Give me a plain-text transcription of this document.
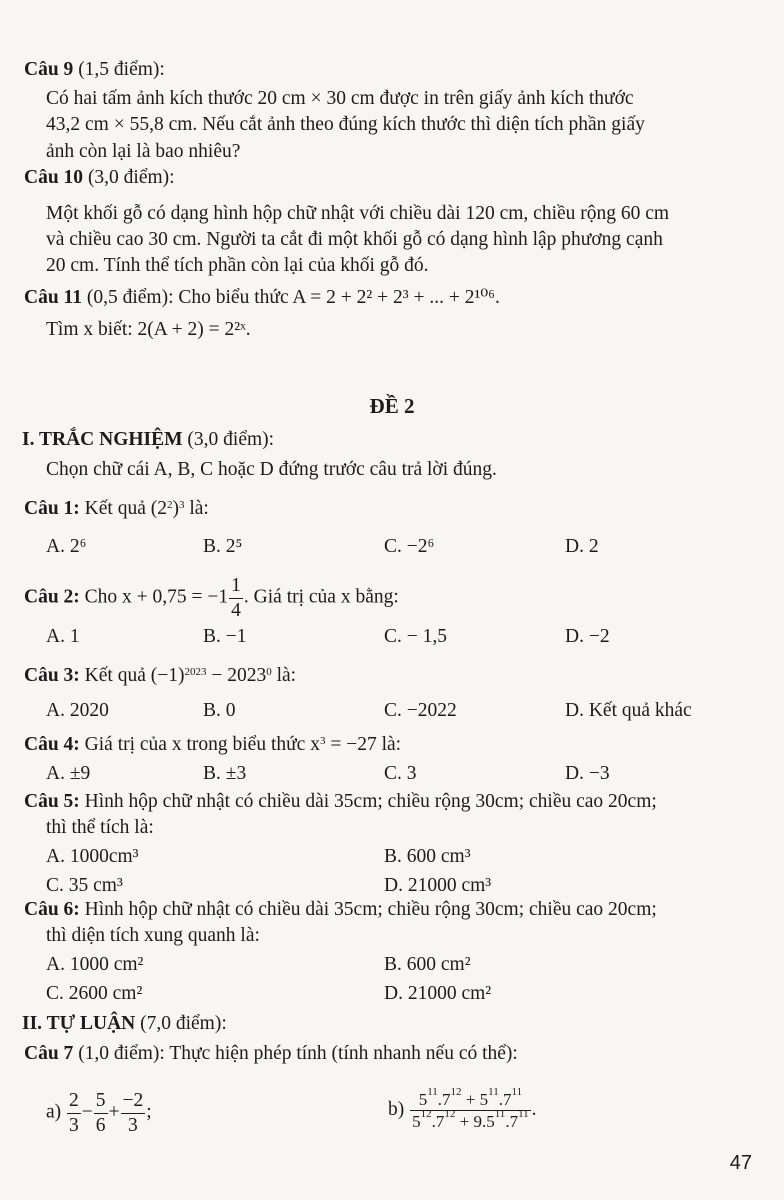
Câu 9 (1,5 điểm):
Có hai tấm ảnh kích thước 20 cm × 30 cm được in trên giấy ảnh kích thước
43,2 cm × 55,8 cm. Nếu cắt ảnh theo đúng kích thước thì diện tích phần giấy
ảnh còn lại là bao nhiêu?
Câu 10 (3,0 điểm):
Một khối gỗ có dạng hình hộp chữ nhật với chiều dài 120 cm, chiều rộng 60 cm
và chiều cao 30 cm. Người ta cắt đi một khối gỗ có dạng hình lập phương cạnh
20 cm. Tính thể tích phần còn lại của khối gỗ đó.
Câu 11 (0,5 điểm): Cho biểu thức A = 2 + 2² + 2³ + ... + 2¹⁰⁶.
Tìm x biết: 2(A + 2) = 2²ˣ.
ĐỀ 2
I. TRẮC NGHIỆM (3,0 điểm):
Chọn chữ cái A, B, C hoặc D đứng trước câu trả lời đúng.
Câu 1: Kết quả $(2^2)^3$ là:
A. 2⁶	B. 2⁵	C. −2⁶	D. 2
Câu 2: Cho $x + 0,75 = -1 \frac{1}{4}$ . Giá trị của x bằng:
A. 1	B. −1	C. − 1,5	D. −2
Câu 3: Kết quả $(-1)^{2023} - 2023^0$ là:
A. 2020	B. 0	C. −2022	D. Kết quả khác
Câu 4: Giá trị của x trong biểu thức $x^3 = -27$ là:
A. ±9	B. ±3	C. 3	D. −3
Câu 5: Hình hộp chữ nhật có chiều dài 35cm; chiều rộng 30cm; chiều cao 20cm;
thì thể tích là:
A. 1000cm³	B. 600 cm³
C. 35 cm³	D. 21000 cm³
Câu 6: Hình hộp chữ nhật có chiều dài 35cm; chiều rộng 30cm; chiều cao 20cm;
thì diện tích xung quanh là:
A. 1000 cm²	B. 600 cm²
C. 2600 cm²	D. 21000 cm²
II. TỰ LUẬN (7,0 điểm):
Câu 7 (1,0 điểm): Thực hiện phép tính (tính nhanh nếu có thể):
$a) \frac{2}{3} - \frac{5}{6} + \frac{-2}{3}$ ;	$b) \frac{5^{11}.7^{12} + 5^{11}.7^{11}}{5^{12}.7^{12} + 9.5^{11}.7^{11}}$ .
47
